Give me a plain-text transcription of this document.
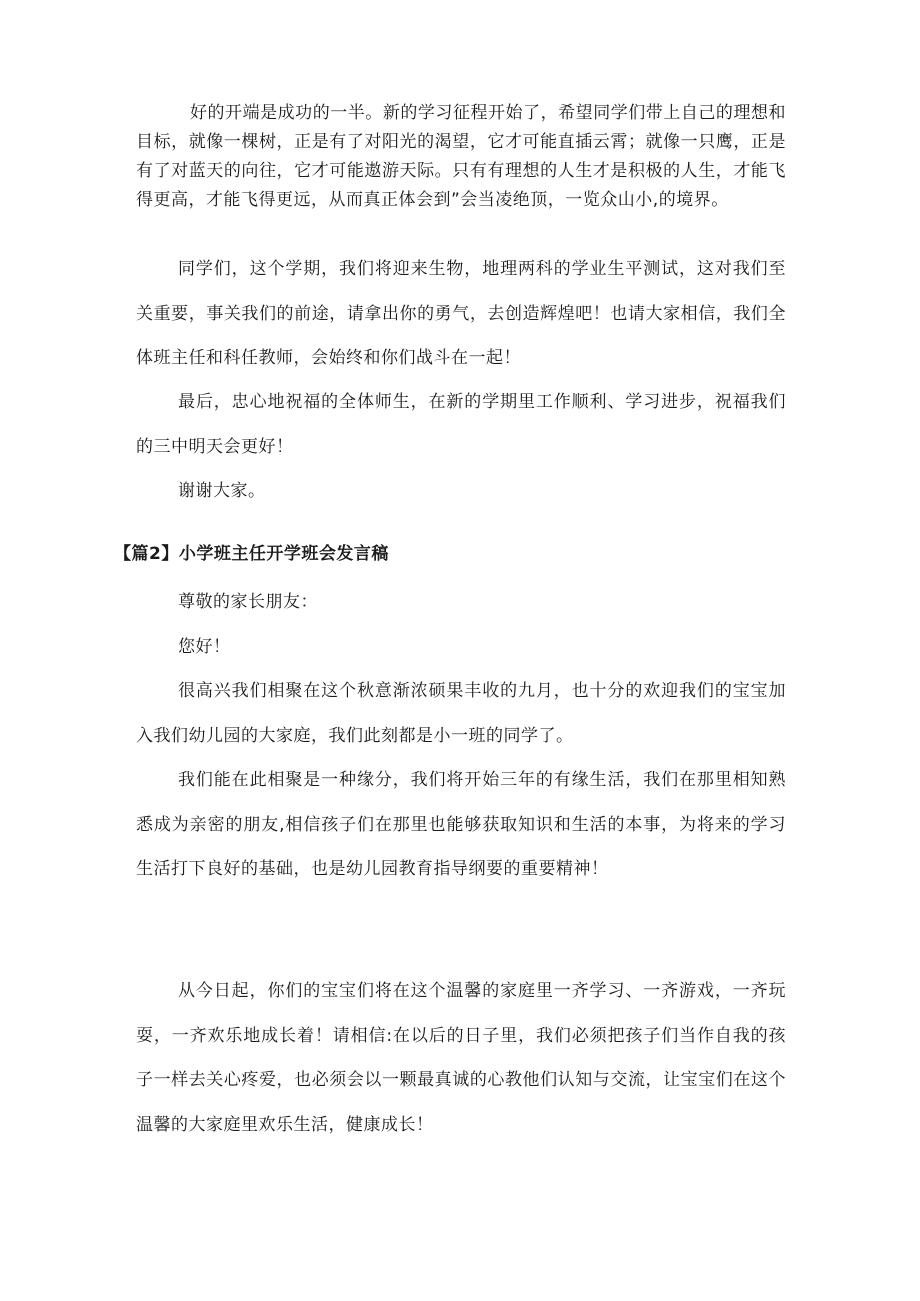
好的开端是成功的一半。新的学习征程开始了，希望同学们带上自己的理想和目标，就像一棵树，正是有了对阳光的渴望，它才可能直插云霄；就像一只鹰，正是有了对蓝天的向往，它才可能遨游天际。只有有理想的人生才是积极的人生，才能飞得更高，才能飞得更远，从而真正体会到”会当凌绝顶，一览众山小,的境界。

同学们，这个学期，我们将迎来生物，地理两科的学业生平测试，这对我们至关重要，事关我们的前途，请拿出你的勇气，去创造辉煌吧！也请大家相信，我们全体班主任和科任教师，会始终和你们战斗在一起！

最后，忠心地祝福的全体师生，在新的学期里工作顺利、学习进步，祝福我们的三中明天会更好！

谢谢大家。

【篇2】小学班主任开学班会发言稿

尊敬的家长朋友：

您好！

很高兴我们相聚在这个秋意渐浓硕果丰收的九月，也十分的欢迎我们的宝宝加入我们幼儿园的大家庭，我们此刻都是小一班的同学了。

我们能在此相聚是一种缘分，我们将开始三年的有缘生活，我们在那里相知熟悉成为亲密的朋友,相信孩子们在那里也能够获取知识和生活的本事，为将来的学习生活打下良好的基础，也是幼儿园教育指导纲要的重要精神！

从今日起，你们的宝宝们将在这个温馨的家庭里一齐学习、一齐游戏，一齐玩耍，一齐欢乐地成长着！请相信:在以后的日子里，我们必须把孩子们当作自我的孩子一样去关心疼爱，也必须会以一颗最真诚的心教他们认知与交流，让宝宝们在这个温馨的大家庭里欢乐生活，健康成长！
